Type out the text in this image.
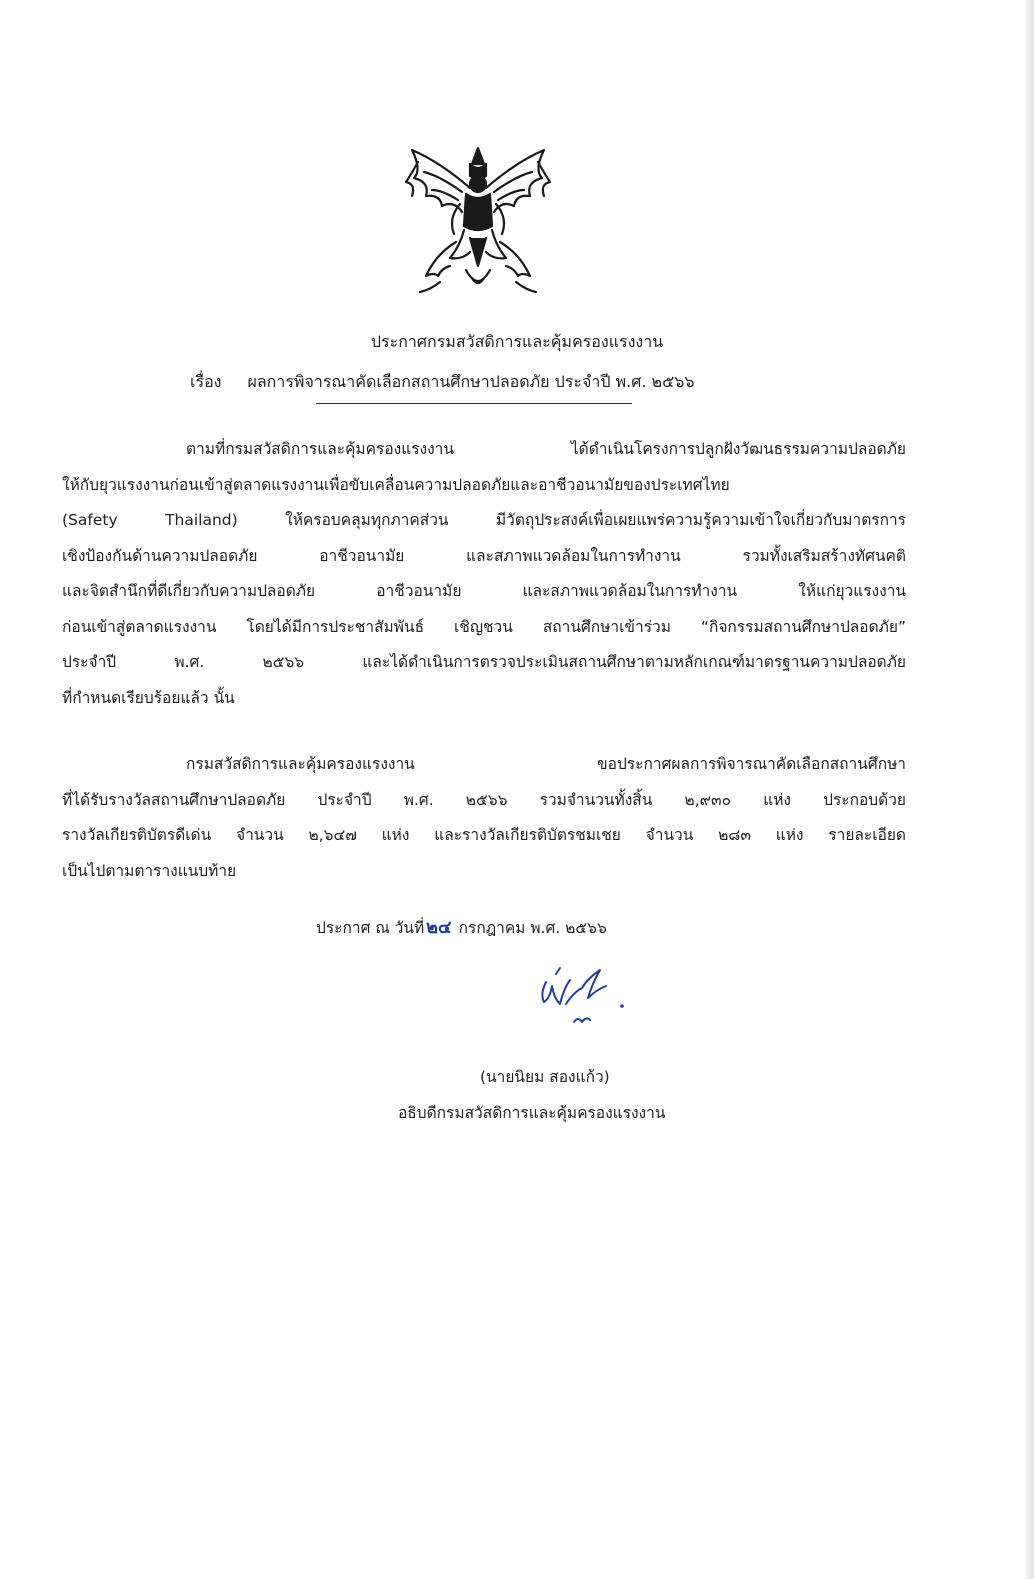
ประกาศกรมสวัสดิการและคุ้มครองแรงงาน
เรื่อง ผลการพิจารณาคัดเลือกสถานศึกษาปลอดภัย ประจำปี พ.ศ. ๒๕๖๖
ตามที่กรมสวัสดิการและคุ้มครองแรงงาน ได้ดำเนินโครงการปลูกฝังวัฒนธรรมความปลอดภัย
ให้กับยุวแรงงานก่อนเข้าสู่ตลาดแรงงานเพื่อขับเคลื่อนความปลอดภัยและอาชีวอนามัยของประเทศไทย
(Safety Thailand) ให้ครอบคลุมทุกภาคส่วน มีวัตถุประสงค์เพื่อเผยแพร่ความรู้ความเข้าใจเกี่ยวกับมาตรการ
เชิงป้องกันด้านความปลอดภัย อาชีวอนามัย และสภาพแวดล้อมในการทำงาน รวมทั้งเสริมสร้างทัศนคติ
และจิตสำนึกที่ดีเกี่ยวกับความปลอดภัย อาชีวอนามัย และสภาพแวดล้อมในการทำงาน ให้แก่ยุวแรงงาน
ก่อนเข้าสู่ตลาดแรงงาน โดยได้มีการประชาสัมพันธ์ เชิญชวน สถานศึกษาเข้าร่วม “กิจกรรมสถานศึกษาปลอดภัย”
ประจำปี พ.ศ. ๒๕๖๖ และได้ดำเนินการตรวจประเมินสถานศึกษาตามหลักเกณฑ์มาตรฐานความปลอดภัย
ที่กำหนดเรียบร้อยแล้ว นั้น
กรมสวัสดิการและคุ้มครองแรงงาน ขอประกาศผลการพิจารณาคัดเลือกสถานศึกษา
ที่ได้รับรางวัลสถานศึกษาปลอดภัย ประจำปี พ.ศ. ๒๕๖๖ รวมจำนวนทั้งสิ้น ๒,๙๓๐ แห่ง ประกอบด้วย
รางวัลเกียรติบัตรดีเด่น จำนวน ๒,๖๔๗ แห่ง และรางวัลเกียรติบัตรชมเชย จำนวน ๒๘๓ แห่ง รายละเอียด
เป็นไปตามตารางแนบท้าย
ประกาศ ณ วันที่ ๒๔ กรกฎาคม พ.ศ. ๒๕๖๖
(นายนิยม สองแก้ว)
อธิบดีกรมสวัสดิการและคุ้มครองแรงงาน
